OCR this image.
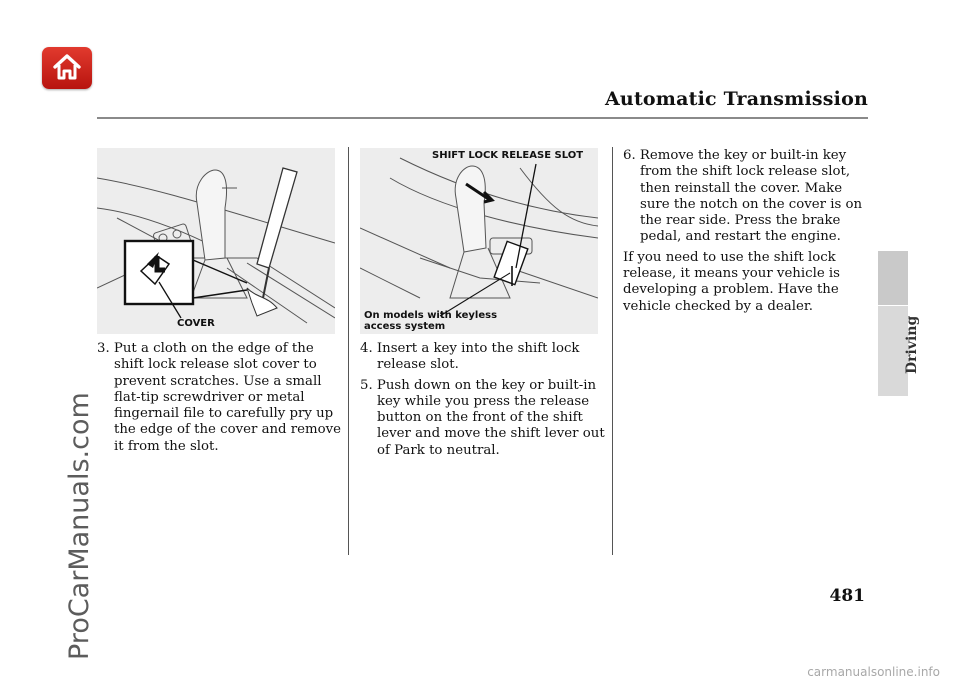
Automatic Transmission
Driving
ProCarManuals.com
COVER
SHIFT LOCK RELEASE SLOT
On models with keyless
access system

3. Put a cloth on the edge of the shift lock release slot cover to prevent scratches. Use a small flat-tip screwdriver or metal fingernail file to carefully pry up the edge of the cover and remove it from the slot.

4. Insert a key into the shift lock release slot.

5. Push down on the key or built-in key while you press the release button on the front of the shift lever and move the shift lever out of Park to neutral.

6. Remove the key or built-in key from the shift lock release slot, then reinstall the cover. Make sure the notch on the cover is on the rear side. Press the brake pedal, and restart the engine.

If you need to use the shift lock release, it means your vehicle is developing a problem. Have the vehicle checked by a dealer.

481
carmanualsonline.info
